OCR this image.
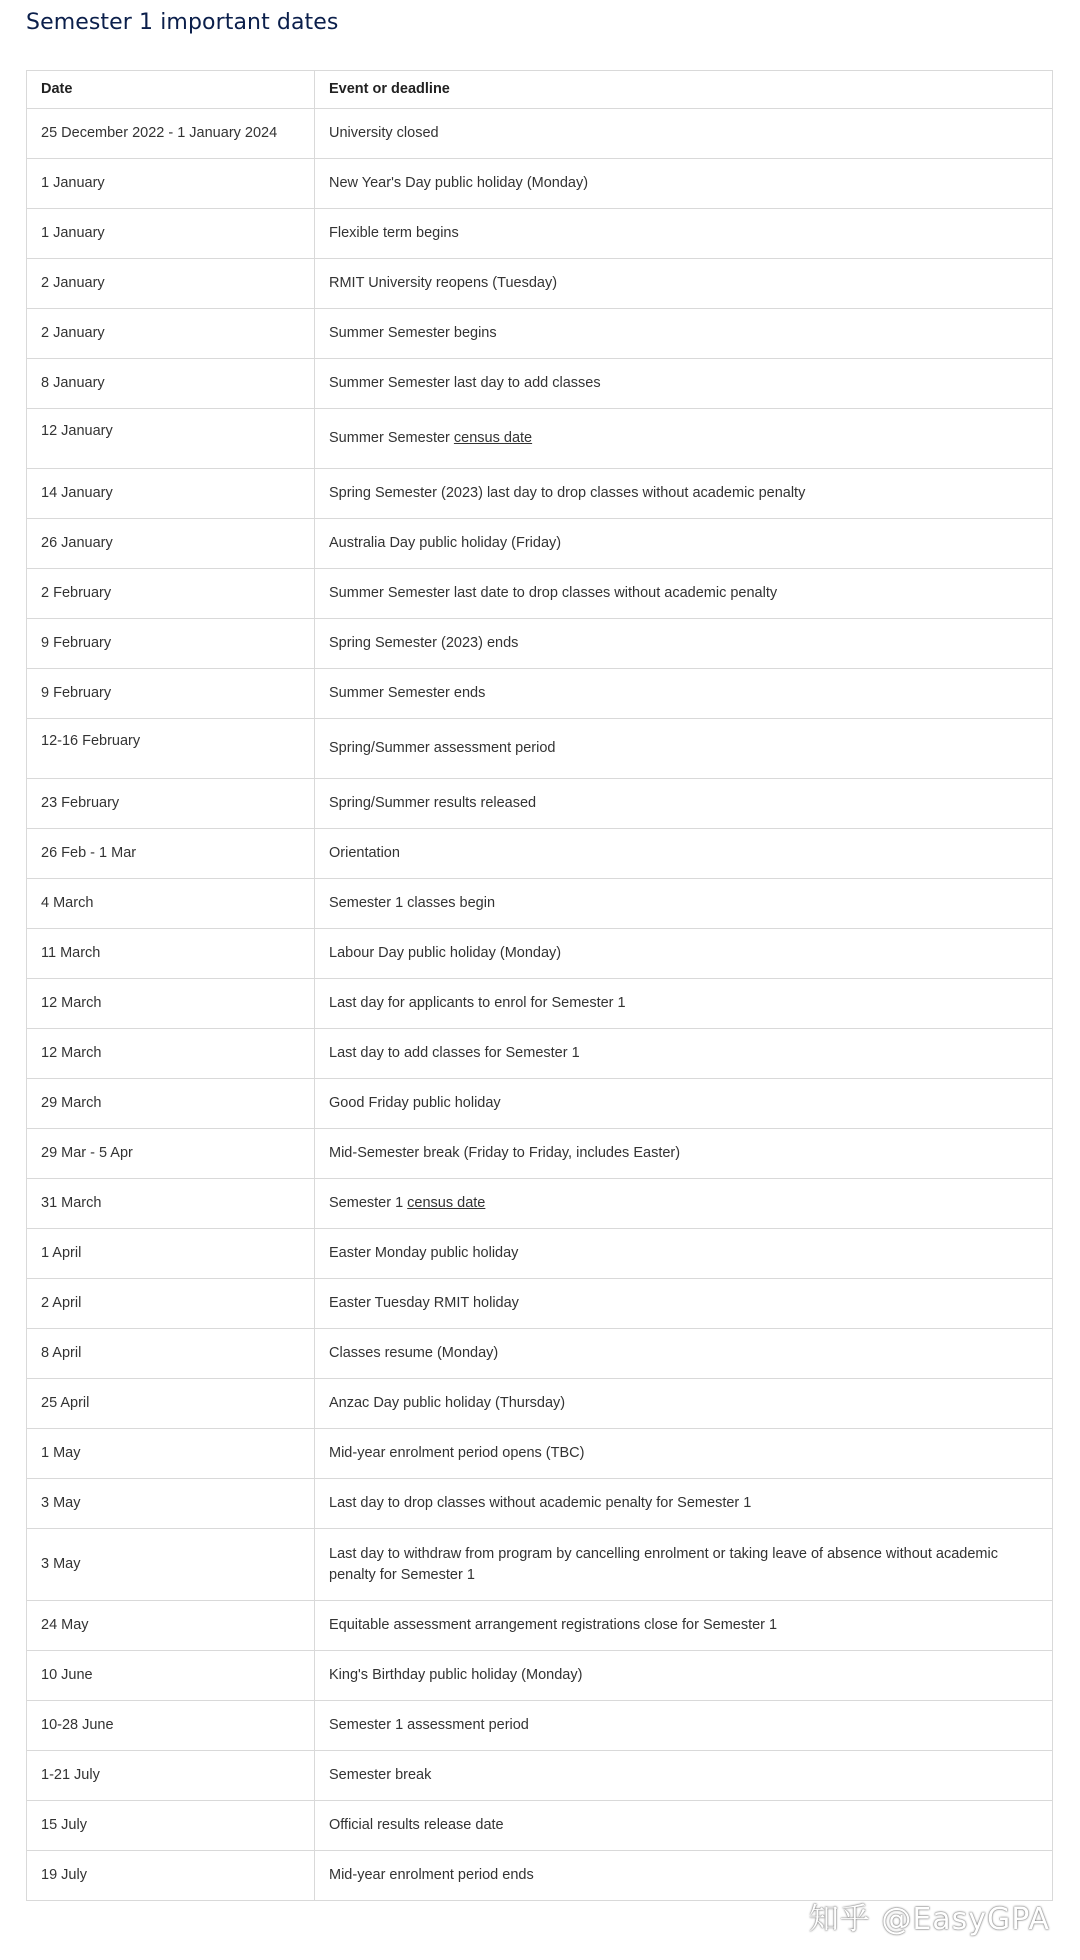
Semester 1 important dates
Date	Event or deadline
25 December 2022 - 1 January 2024	University closed
1 January	New Year's Day public holiday (Monday)
1 January	Flexible term begins
2 January	RMIT University reopens (Tuesday)
2 January	Summer Semester begins
8 January	Summer Semester last day to add classes
12 January	Summer Semester census date
14 January	Spring Semester (2023) last day to drop classes without academic penalty
26 January	Australia Day public holiday (Friday)
2 February	Summer Semester last date to drop classes without academic penalty
9 February	Spring Semester (2023) ends
9 February	Summer Semester ends
12-16 February	Spring/Summer assessment period
23 February	Spring/Summer results released
26 Feb - 1 Mar	Orientation
4 March	Semester 1 classes begin
11 March	Labour Day public holiday (Monday)
12 March	Last day for applicants to enrol for Semester 1
12 March	Last day to add classes for Semester 1
29 March	Good Friday public holiday
29 Mar - 5 Apr	Mid-Semester break (Friday to Friday, includes Easter)
31 March	Semester 1 census date
1 April	Easter Monday public holiday
2 April	Easter Tuesday RMIT holiday
8 April	Classes resume (Monday)
25 April	Anzac Day public holiday (Thursday)
1 May	Mid-year enrolment period opens (TBC)
3 May	Last day to drop classes without academic penalty for Semester 1
3 May	Last day to withdraw from program by cancelling enrolment or taking leave of absence without academic penalty for Semester 1
24 May	Equitable assessment arrangement registrations close for Semester 1
10 June	King's Birthday public holiday (Monday)
10-28 June	Semester 1 assessment period
1-21 July	Semester break
15 July	Official results release date
19 July	Mid-year enrolment period ends
知乎 @EasyGPA
